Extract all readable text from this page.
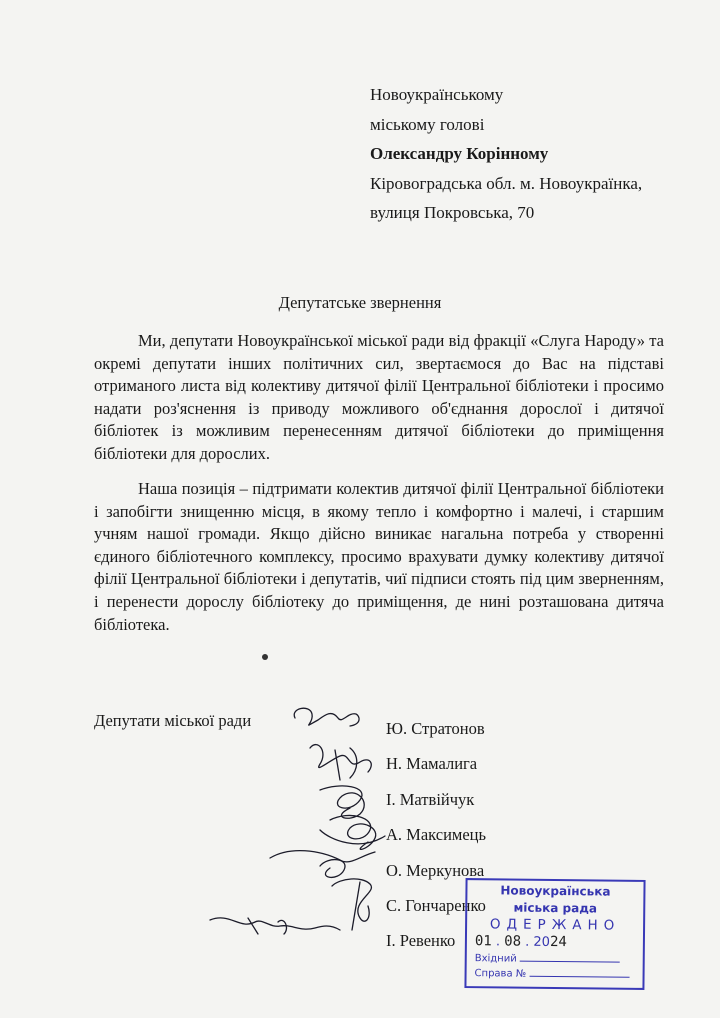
Новоукраїнському
міському голові
Олександру Корінному
Кіровоградська обл. м. Новоукраїнка,
вулиця Покровська, 70
Депутатське звернення
Ми, депутати Новоукраїнської міської ради від фракції «Слуга Народу» та окремі депутати інших політичних сил, звертаємося до Вас на підставі отриманого листа від колективу дитячої філії Центральної бібліотеки і просимо надати роз'яснення із приводу можливого об'єднання дорослої і дитячої бібліотек із можливим перенесенням дитячої бібліотеки до приміщення бібліотеки для дорослих.
Наша позиція – підтримати колектив дитячої філії Центральної бібліотеки і запобігти знищенню місця, в якому тепло і комфортно і малечі, і старшим учням нашої громади. Якщо дійсно виникає нагальна потреба у створенні єдиного бібліотечного комплексу, просимо врахувати думку колективу дитячої філії Центральної бібліотеки і депутатів, чиї підписи стоять під цим зверненням, і перенести дорослу бібліотеку до приміщення, де нині розташована дитяча бібліотека.
Депутати міської ради	Ю. Стратонов
Н. Мамалига
І. Матвійчук
А. Максимець
О. Меркунова
С. Гончаренко
І. Ревенко
Новоукраїнська
міська рада
ОДЕРЖАНО
01 . 08 . 2024
Вхідний
Справа №
